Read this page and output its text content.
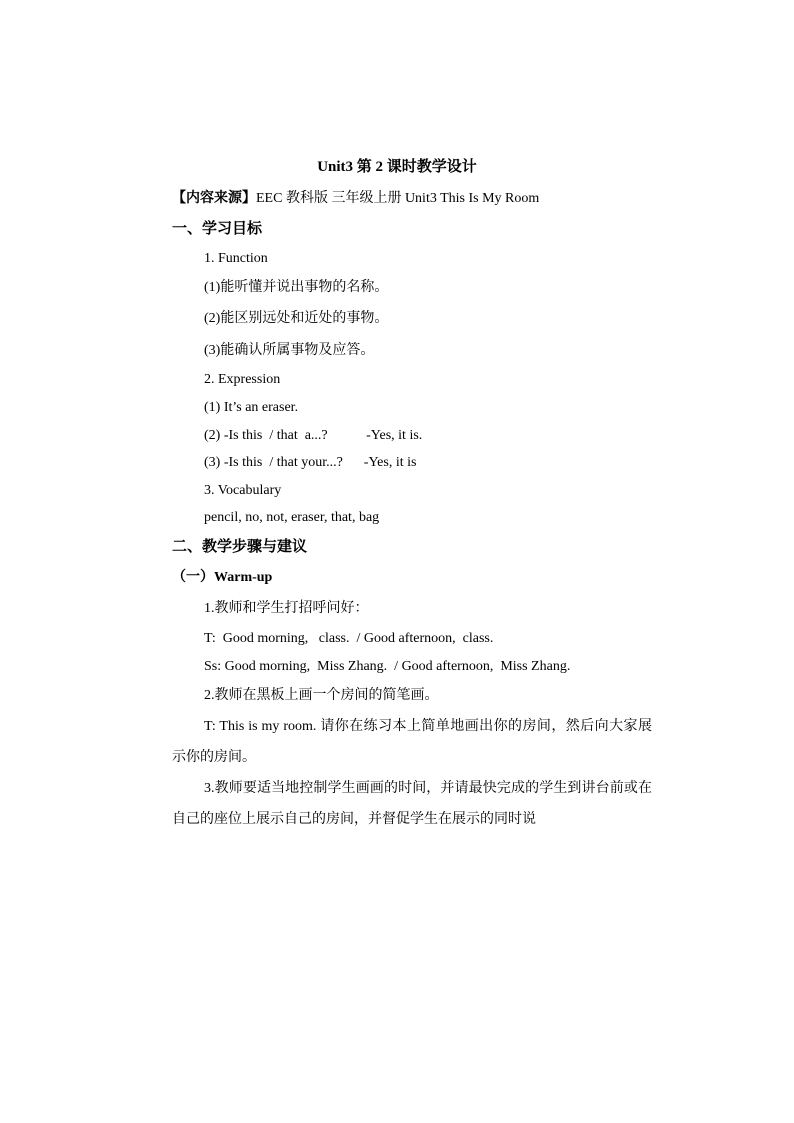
Unit3 第 2 课时教学设计
【内容来源】EEC 教科版 三年级上册 Unit3 This Is My Room
一、学习目标
1. Function
(1)能听懂并说出事物的名称。
(2)能区别远处和近处的事物。
(3)能确认所属事物及应答。
2. Expression
(1) It’s an eraser.
(2) -Is this  / that  a...?           -Yes, it is.
(3) -Is this  / that your...?      -Yes, it is
3. Vocabulary
pencil, no, not, eraser, that, bag
二、教学步骤与建议
（一）Warm-up
1.教师和学生打招呼问好：
T:  Good morning,   class.  / Good afternoon,  class.
Ss: Good morning,  Miss Zhang.  / Good afternoon,  Miss Zhang.
2.教师在黑板上画一个房间的简笔画。
T: This is my room. 请你在练习本上简单地画出你的房间，然后向大家展示你的房间。
3.教师要适当地控制学生画画的时间，并请最快完成的学生到讲台前或在自己的座位上展示自己的房间，并督促学生在展示的同时说
